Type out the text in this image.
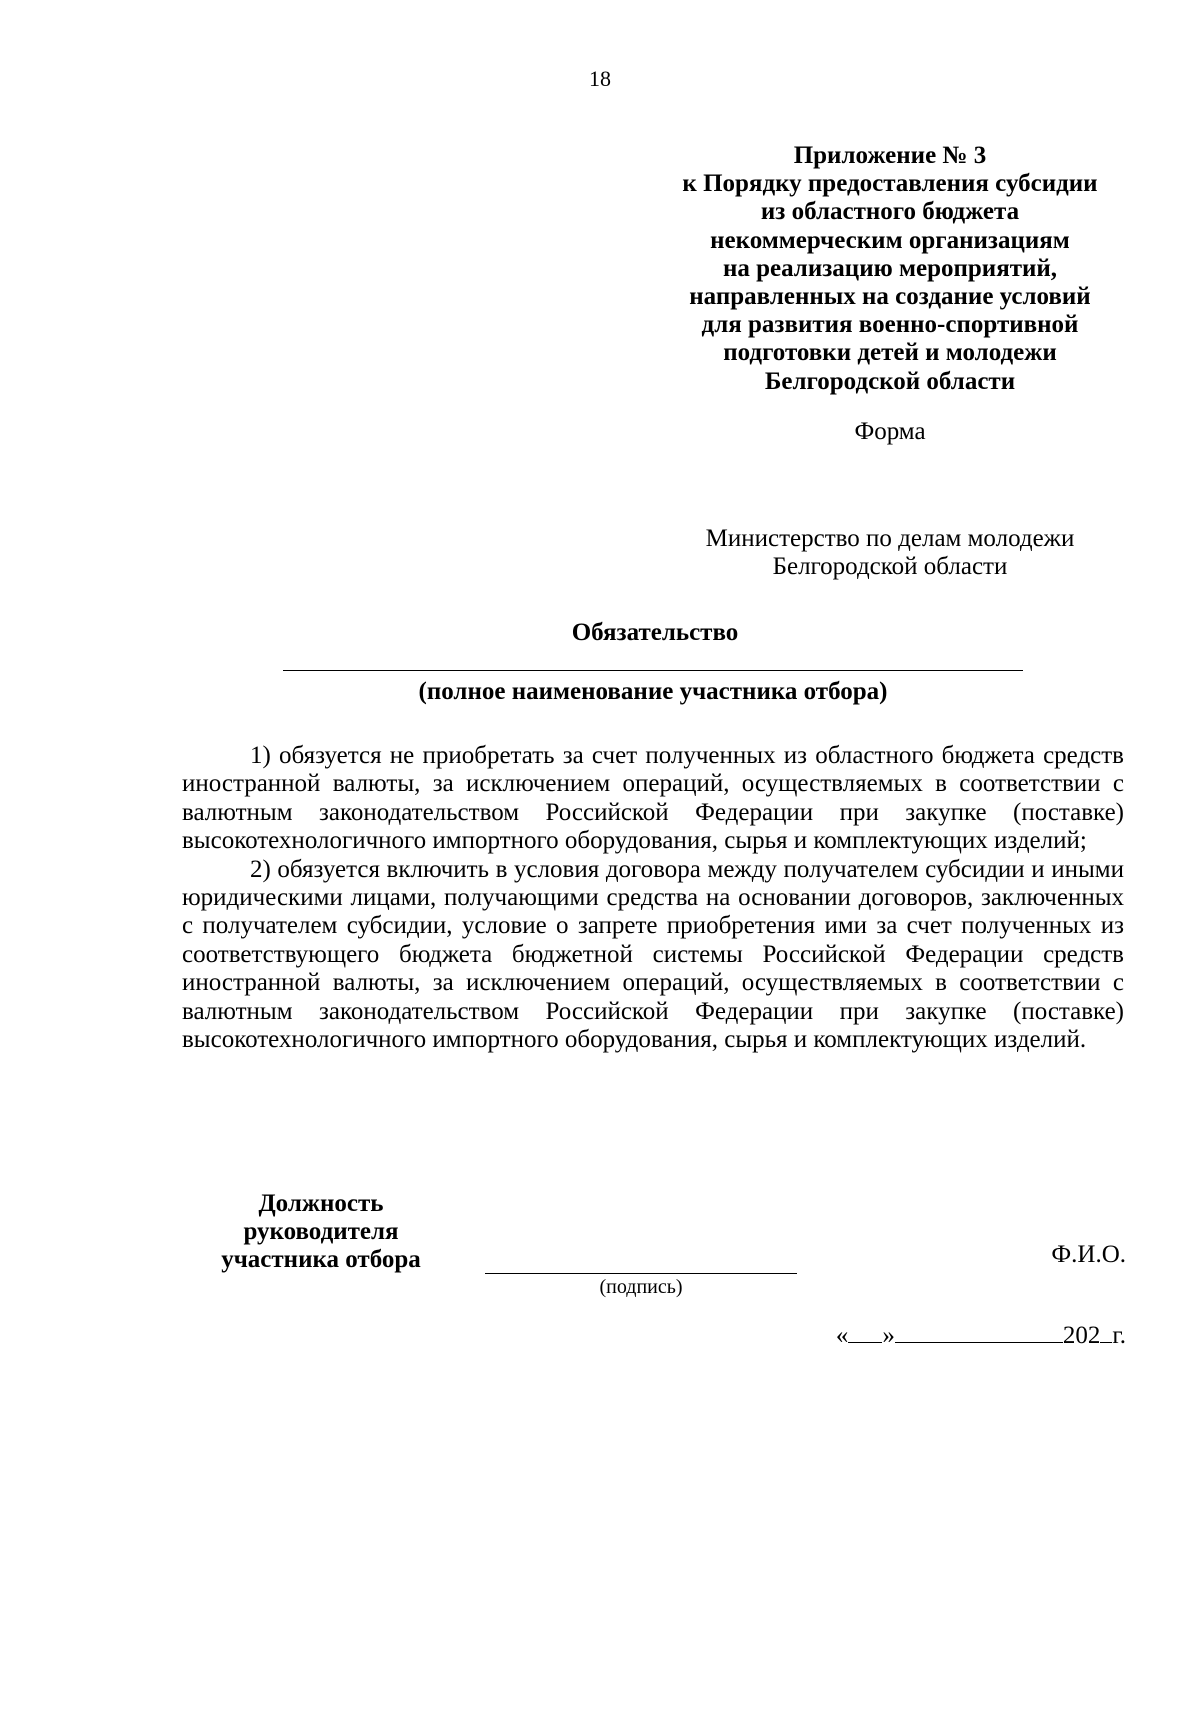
18
Приложение № 3
к Порядку предоставления субсидии
из областного бюджета
некоммерческим организациям
на реализацию мероприятий,
направленных на создание условий
для развития военно-спортивной
подготовки детей и молодежи
Белгородской области
Форма
Министерство по делам молодежи
Белгородской области
Обязательство
(полное наименование участника отбора)

1) обязуется не приобретать за счет полученных из областного бюджета средств иностранной валюты, за исключением операций, осуществляемых в соответствии с валютным законодательством Российской Федерации при закупке (поставке) высокотехнологичного импортного оборудования, сырья и комплектующих изделий;

2) обязуется включить в условия договора между получателем субсидии и иными юридическими лицами, получающими средства на основании договоров, заключенных с получателем субсидии, условие о запрете приобретения ими за счет полученных из соответствующего бюджета бюджетной системы Российской Федерации средств иностранной валюты, за исключением операций, осуществляемых в соответствии с валютным законодательством Российской Федерации при закупке (поставке) высокотехнологичного импортного оборудования, сырья и комплектующих изделий.

Должность
руководителя
участника отбора
(подпись)
Ф.И.О.
« »	202 г.
